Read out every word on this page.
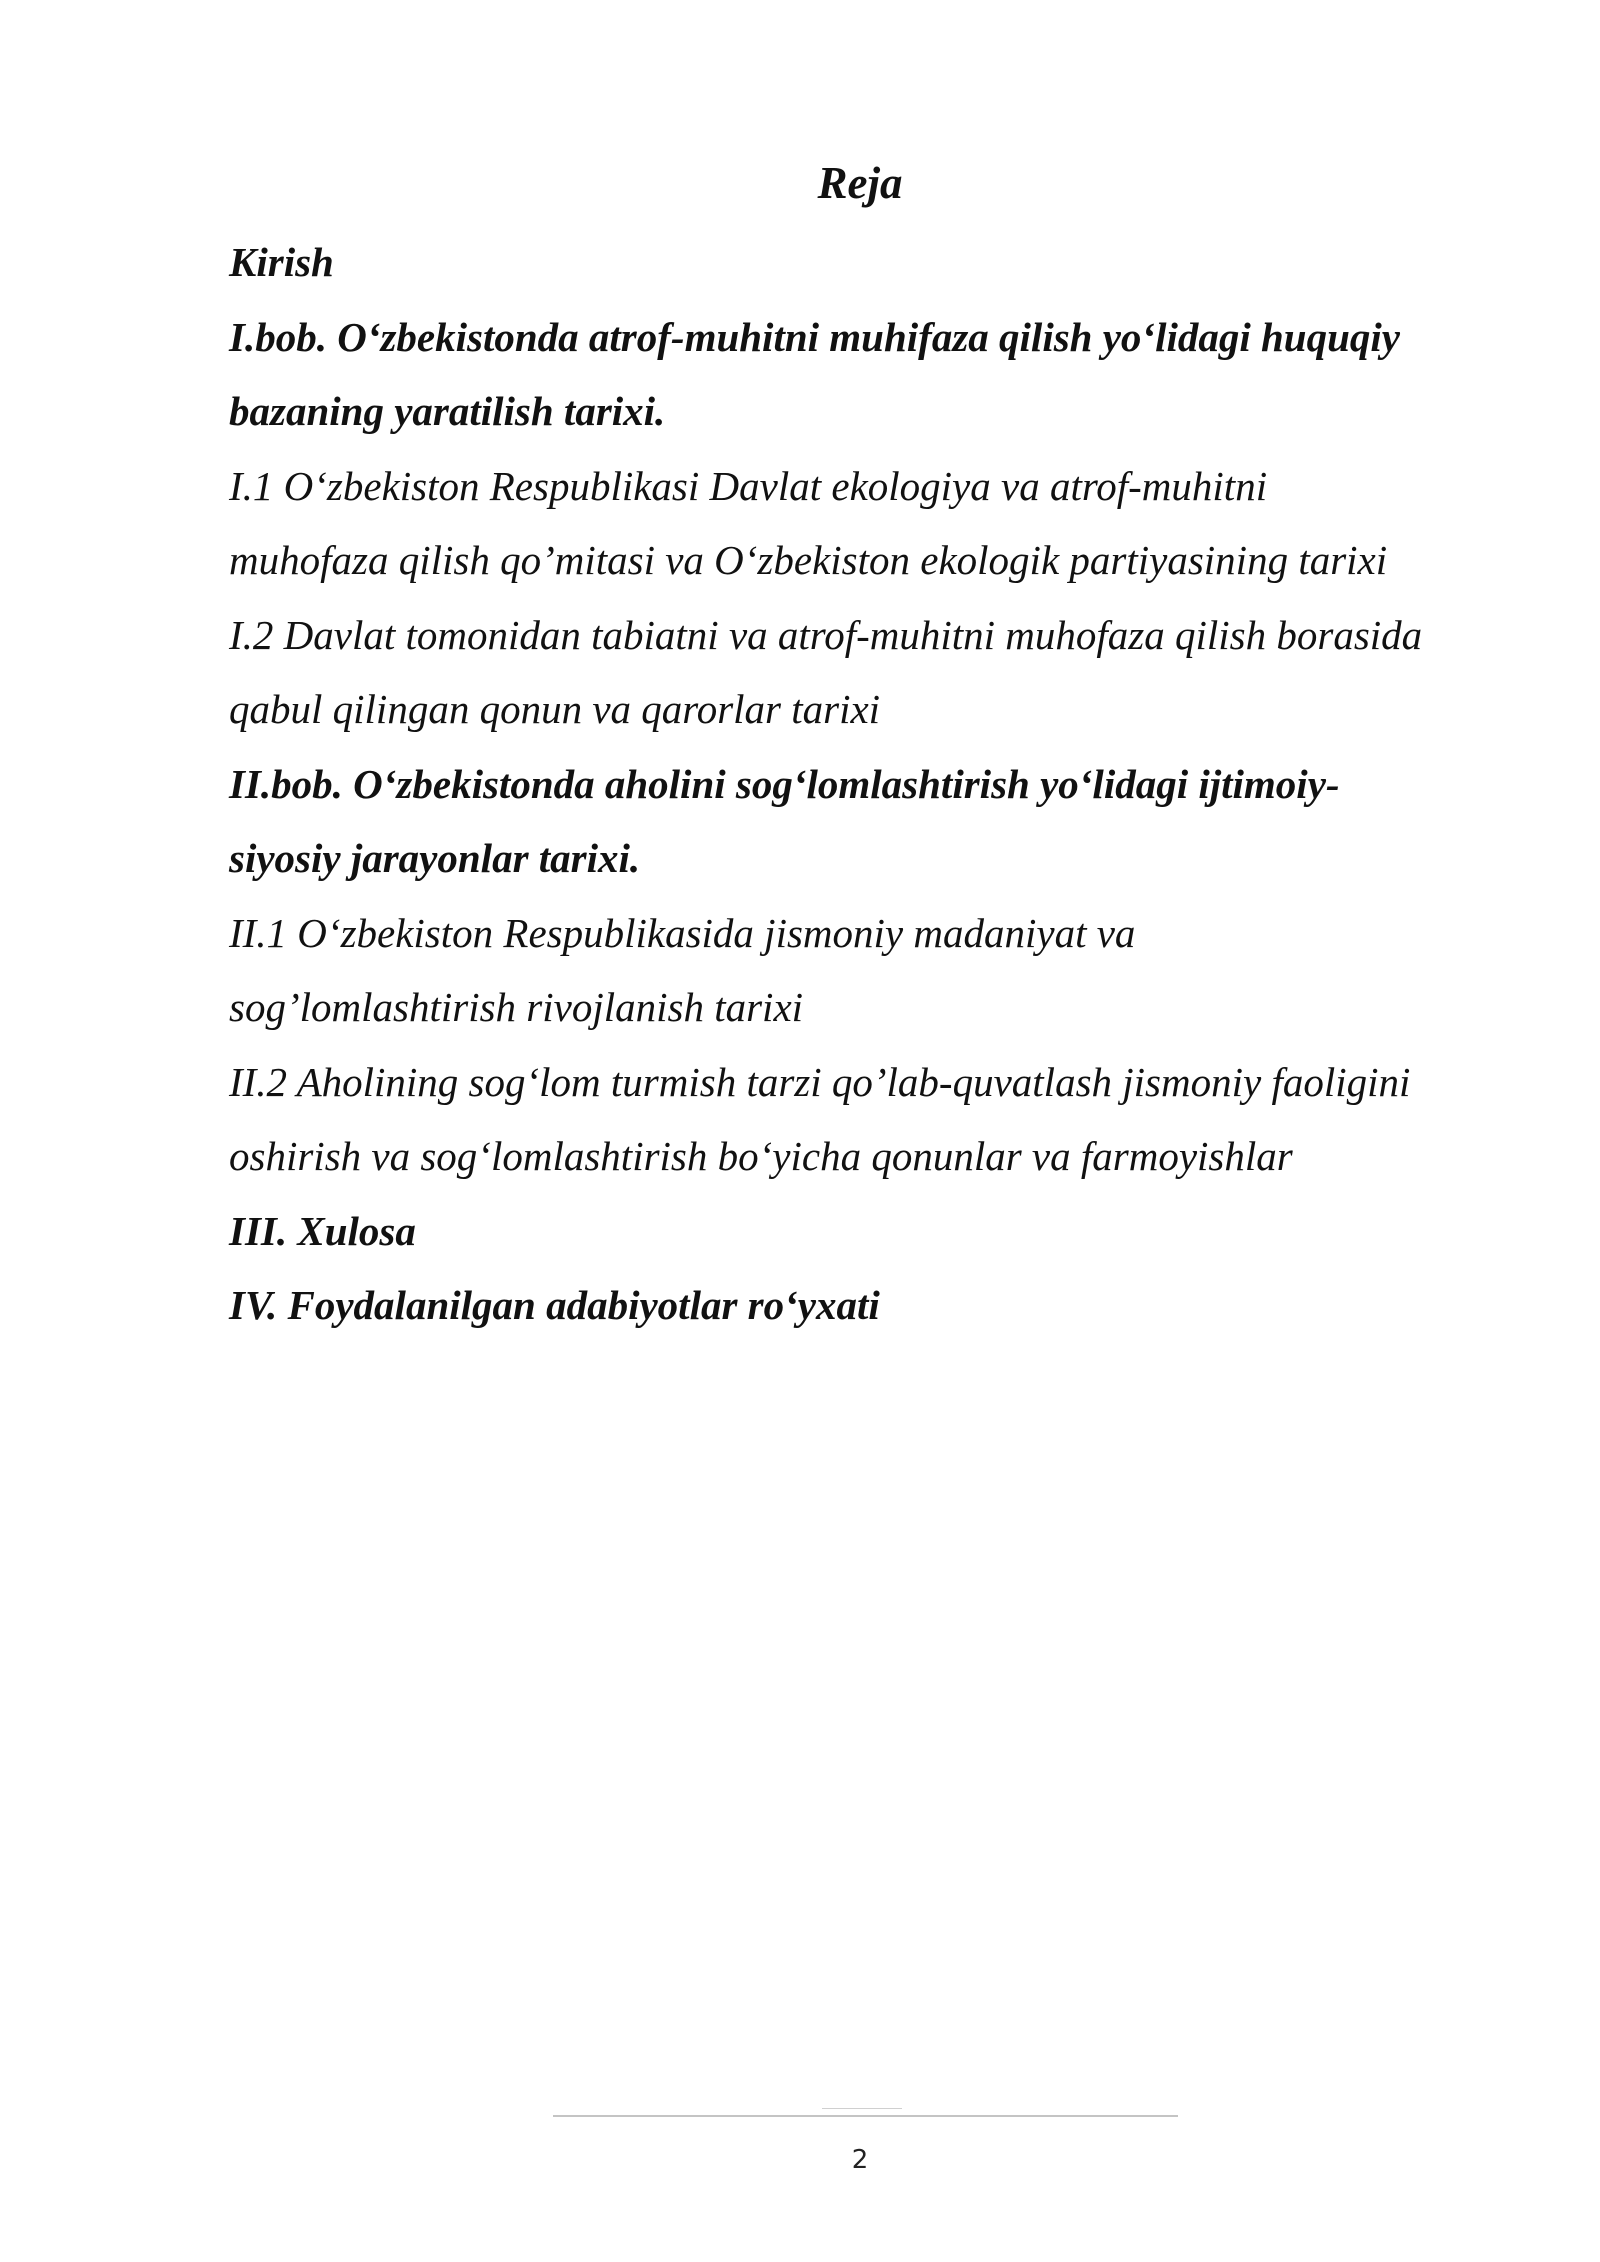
Reja
Kirish
I.bob. O‘zbekistonda atrof-muhitni muhifaza qilish yo‘lidagi huquqiy
bazaning yaratilish tarixi.
I.1 O‘zbekiston Respublikasi Davlat ekologiya va atrof-muhitni
muhofaza qilish qo’mitasi va O‘zbekiston ekologik partiyasining tarixi
I.2 Davlat tomonidan tabiatni va atrof-muhitni muhofaza qilish borasida
qabul qilingan qonun va qarorlar tarixi
II.bob. O‘zbekistonda aholini sog‘lomlashtirish yo‘lidagi ijtimoiy-
siyosiy jarayonlar tarixi.
II.1 O‘zbekiston Respublikasida jismoniy madaniyat va
sog’lomlashtirish rivojlanish tarixi
II.2 Aholining sog‘lom turmish tarzi qo’lab-quvatlash jismoniy faoligini
oshirish va sog‘lomlashtirish bo‘yicha qonunlar va farmoyishlar
III. Xulosa
IV. Foydalanilgan adabiyotlar ro‘yxati
2
